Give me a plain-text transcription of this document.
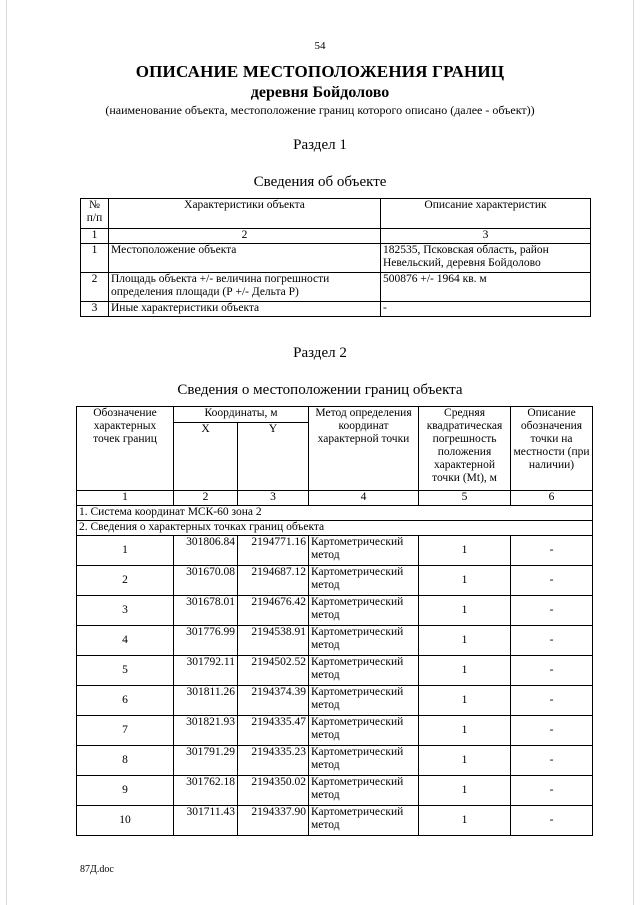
54
ОПИСАНИЕ МЕСТОПОЛОЖЕНИЯ ГРАНИЦ
деревня Бойдолово
(наименование объекта, местоположение границ которого описано (далее - объект))
Раздел 1
Сведения об объекте
№ п/п	Характеристики объекта	Описание характеристик
1	2	3
1	Местоположение объекта	182535, Псковская область, район Невельский, деревня Бойдолово
2	Площадь объекта +/- величина погрешности определения площади (Р +/- Дельта Р)	500876 +/- 1964 кв. м
3	Иные характеристики объекта	-
Раздел 2
Сведения о местоположении границ объекта
Обозначение характерных точек границ	Координаты, м		Метод определения координат характерной точки	Средняя квадратическая погрешность положения характерной точки (Mt), м	Описание обозначения точки на местности (при наличии)
	X	Y			
1	2	3	4	5	6
1. Система координат МСК-60 зона 2					
2. Сведения о характерных точках границ объекта					
1	301806.84	2194771.16	Картометрический метод	1	-
2	301670.08	2194687.12	Картометрический метод	1	-
3	301678.01	2194676.42	Картометрический метод	1	-
4	301776.99	2194538.91	Картометрический метод	1	-
5	301792.11	2194502.52	Картометрический метод	1	-
6	301811.26	2194374.39	Картометрический метод	1	-
7	301821.93	2194335.47	Картометрический метод	1	-
8	301791.29	2194335.23	Картометрический метод	1	-
9	301762.18	2194350.02	Картометрический метод	1	-
10	301711.43	2194337.90	Картометрический метод	1	-
87Д.doc
